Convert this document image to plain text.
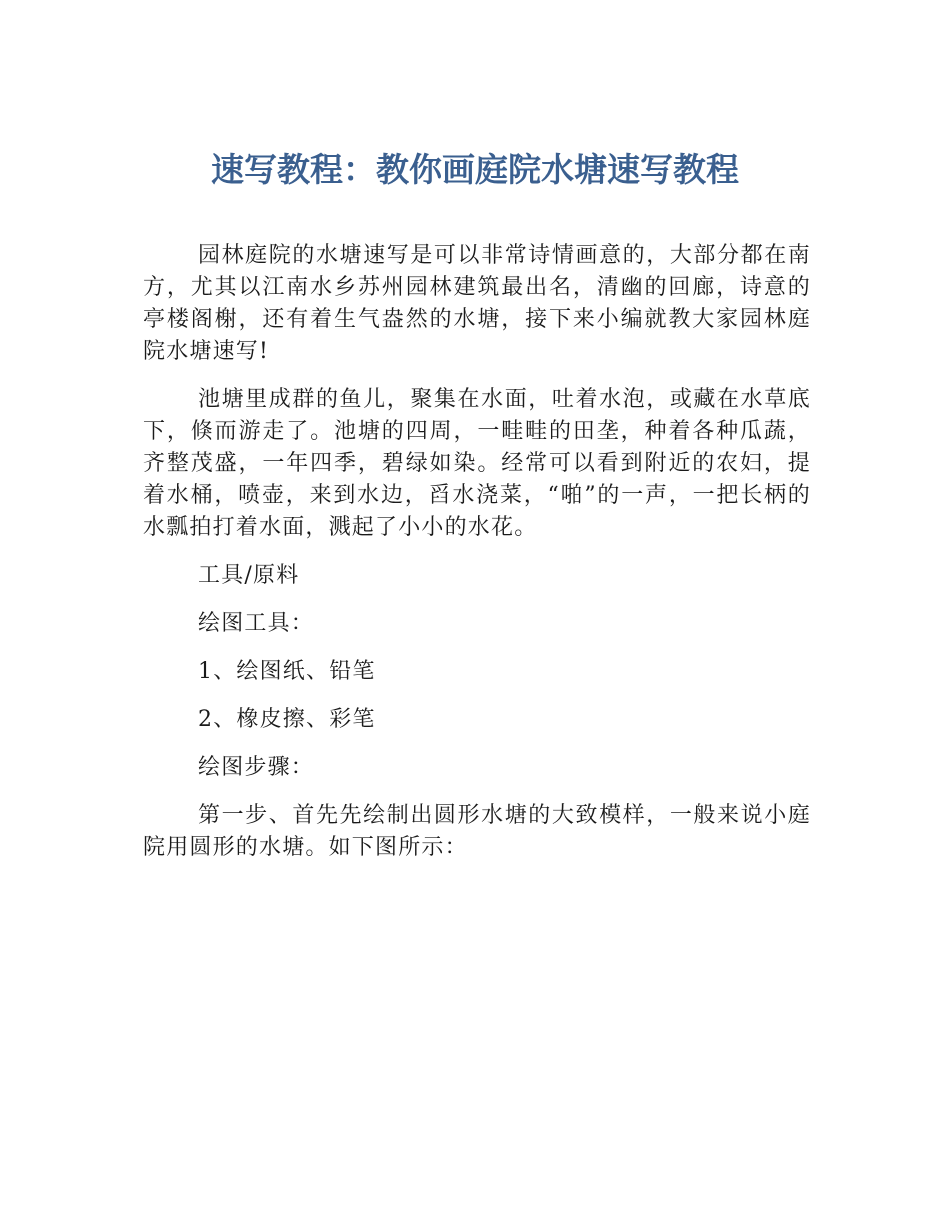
速写教程：教你画庭院水塘速写教程

园林庭院的水塘速写是可以非常诗情画意的，大部分都在南方，尤其以江南水乡苏州园林建筑最出名，清幽的回廊，诗意的亭楼阁榭，还有着生气盎然的水塘，接下来小编就教大家园林庭院水塘速写!

池塘里成群的鱼儿，聚集在水面，吐着水泡，或藏在水草底下，倏而游走了。池塘的四周，一畦畦的田垄，种着各种瓜蔬，齐整茂盛，一年四季，碧绿如染。经常可以看到附近的农妇，提着水桶，喷壶，来到水边，舀水浇菜，“啪”的一声，一把长柄的水瓢拍打着水面，溅起了小小的水花。

工具/原料

绘图工具：

1、绘图纸、铅笔

2、橡皮擦、彩笔

绘图步骤：

第一步、首先先绘制出圆形水塘的大致模样，一般来说小庭院用圆形的水塘。如下图所示：
